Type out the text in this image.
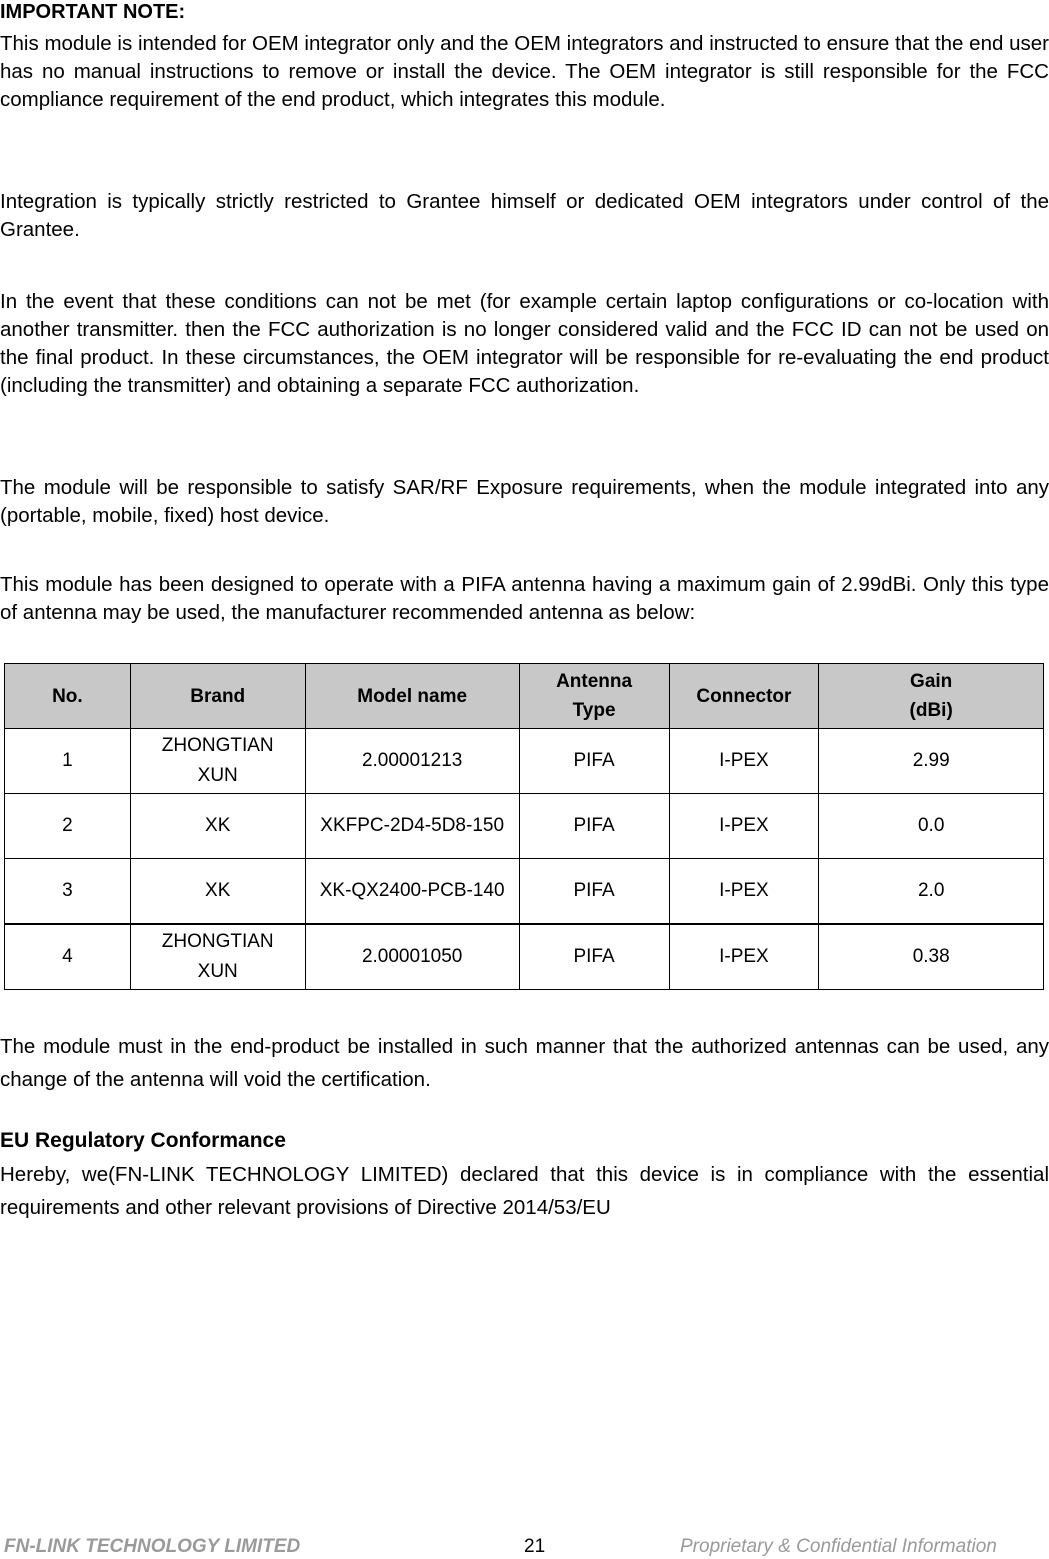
IMPORTANT NOTE:

This module is intended for OEM integrator only and the OEM integrators and instructed to ensure that the end user has no manual instructions to remove or install the device. The OEM integrator is still responsible for the FCC compliance requirement of the end product, which integrates this module.

Integration is typically strictly restricted to Grantee himself or dedicated OEM integrators under control of the Grantee.

In the event that these conditions can not be met (for example certain laptop configurations or co-location with another transmitter. then the FCC authorization is no longer considered valid and the FCC ID can not be used on the final product. In these circumstances, the OEM integrator will be responsible for re-evaluating the end product (including the transmitter) and obtaining a separate FCC authorization.

The module will be responsible to satisfy SAR/RF Exposure requirements, when the module integrated into any (portable, mobile, fixed) host device.

This module has been designed to operate with a PIFA antenna having a maximum gain of 2.99dBi. Only this type of antenna may be used, the manufacturer recommended antenna as below:

No.	Brand	Model name	Antenna Type	Connector	Gain (dBi)
1	ZHONGTIAN XUN	2.00001213	PIFA	I-PEX	2.99
2	XK	XKFPC-2D4-5D8-150	PIFA	I-PEX	0.0
3	XK	XK-QX2400-PCB-140	PIFA	I-PEX	2.0
4	ZHONGTIAN XUN	2.00001050	PIFA	I-PEX	0.38

The module must in the end-product be installed in such manner that the authorized antennas can be used, any change of the antenna will void the certification.

EU Regulatory Conformance

Hereby, we(FN-LINK TECHNOLOGY LIMITED) declared that this device is in compliance with the essential requirements and other relevant provisions of Directive 2014/53/EU

FN-LINK TECHNOLOGY LIMITED	21	Proprietary & Confidential Information
